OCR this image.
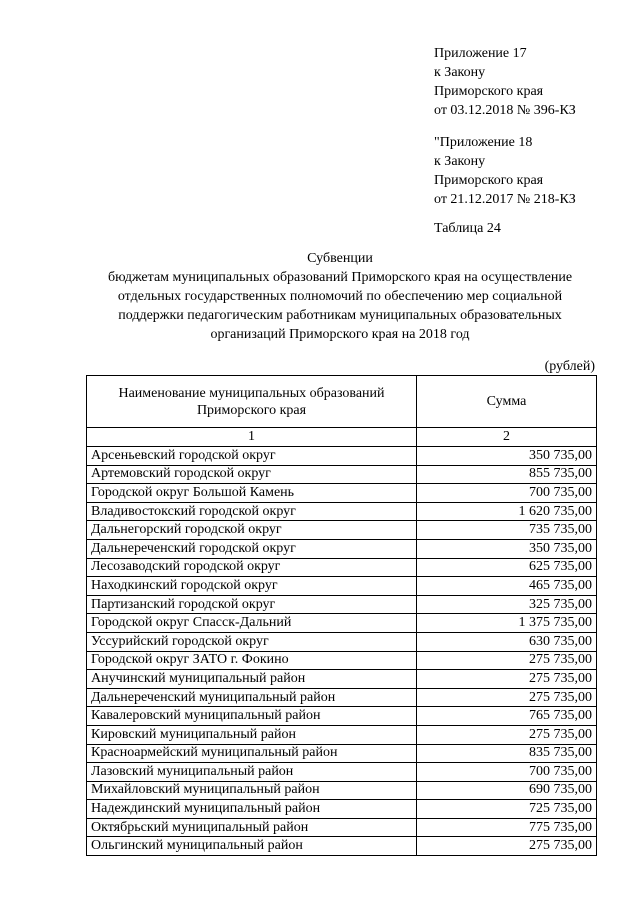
Приложение 17
к Закону
Приморского края
от 03.12.2018 № 396-КЗ
"Приложение 18
к Закону
Приморского края
от 21.12.2017 № 218-КЗ
Таблица 24
Субвенции
бюджетам муниципальных образований Приморского края на осуществление
отдельных государственных полномочий по обеспечению мер социальной
поддержки педагогическим работникам муниципальных образовательных
организаций Приморского края на 2018 год
(рублей)
Наименование муниципальных образований
Приморского края	Сумма
1	2
Арсеньевский городской округ	350 735,00
Артемовский городской округ	855 735,00
Городской округ Большой Камень	700 735,00
Владивостокский городской округ	1 620 735,00
Дальнегорский городской округ	735 735,00
Дальнереченский городской округ	350 735,00
Лесозаводский городской округ	625 735,00
Находкинский городской округ	465 735,00
Партизанский городской округ	325 735,00
Городской округ Спасск-Дальний	1 375 735,00
Уссурийский городской округ	630 735,00
Городской округ ЗАТО г. Фокино	275 735,00
Анучинский муниципальный район	275 735,00
Дальнереченский муниципальный район	275 735,00
Кавалеровский муниципальный район	765 735,00
Кировский муниципальный район	275 735,00
Красноармейский муниципальный район	835 735,00
Лазовский муниципальный район	700 735,00
Михайловский муниципальный район	690 735,00
Надеждинский муниципальный район	725 735,00
Октябрьский муниципальный район	775 735,00
Ольгинский муниципальный район	275 735,00
